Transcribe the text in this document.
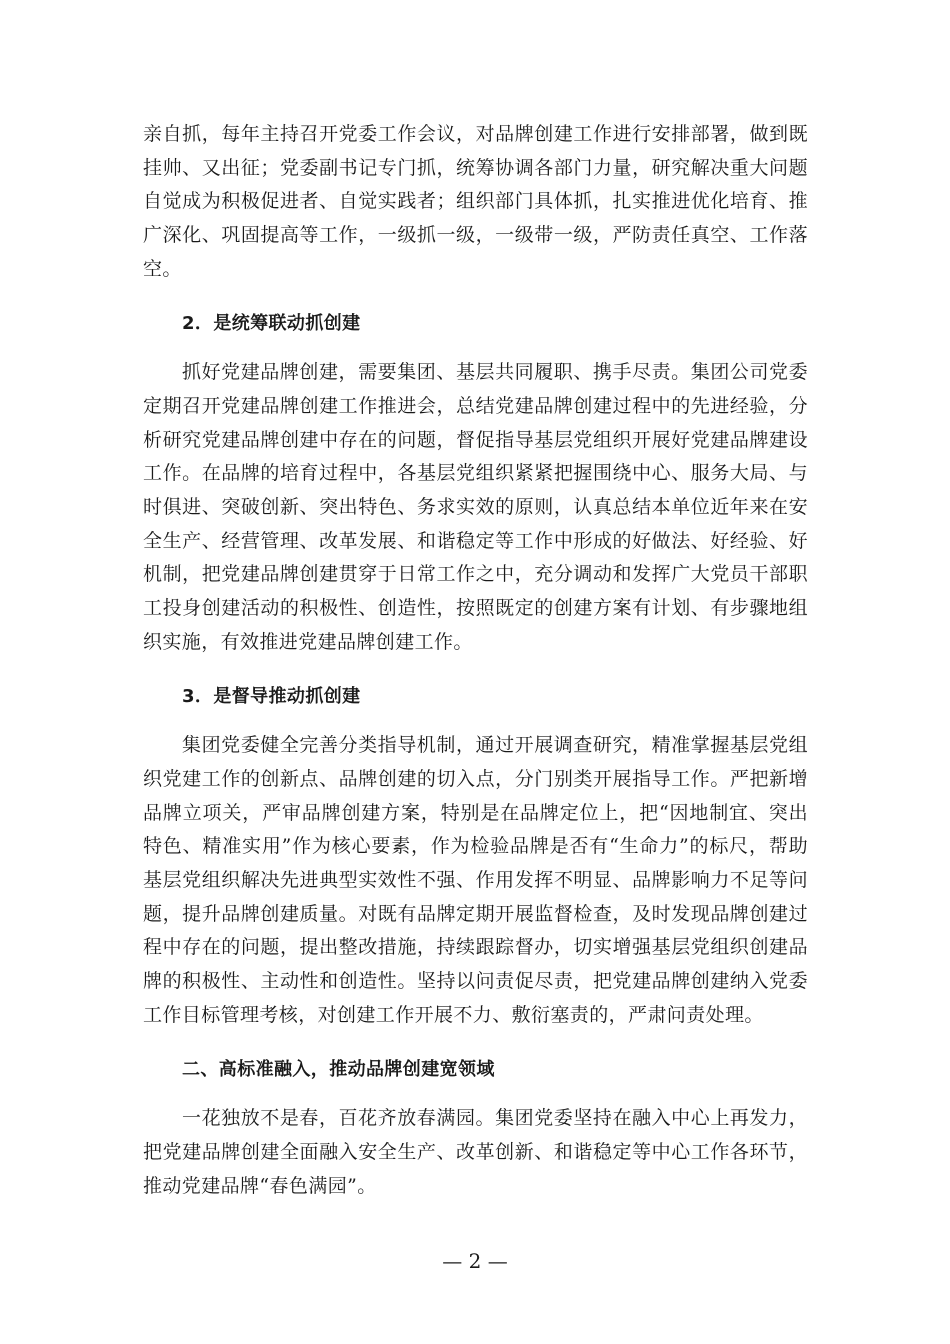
亲自抓，每年主持召开党委工作会议，对品牌创建工作进行安排部署，做到既挂帅、又出征；党委副书记专门抓，统筹协调各部门力量，研究解决重大问题自觉成为积极促进者、自觉实践者；组织部门具体抓，扎实推进优化培育、推广深化、巩固提高等工作，一级抓一级，一级带一级，严防责任真空、工作落空。

2．是统筹联动抓创建

抓好党建品牌创建，需要集团、基层共同履职、携手尽责。集团公司党委定期召开党建品牌创建工作推进会，总结党建品牌创建过程中的先进经验，分析研究党建品牌创建中存在的问题，督促指导基层党组织开展好党建品牌建设工作。在品牌的培育过程中，各基层党组织紧紧把握围绕中心、服务大局、与时俱进、突破创新、突出特色、务求实效的原则，认真总结本单位近年来在安全生产、经营管理、改革发展、和谐稳定等工作中形成的好做法、好经验、好机制，把党建品牌创建贯穿于日常工作之中，充分调动和发挥广大党员干部职工投身创建活动的积极性、创造性，按照既定的创建方案有计划、有步骤地组织实施，有效推进党建品牌创建工作。

3．是督导推动抓创建

集团党委健全完善分类指导机制，通过开展调查研究，精准掌握基层党组织党建工作的创新点、品牌创建的切入点，分门别类开展指导工作。严把新增品牌立项关，严审品牌创建方案，特别是在品牌定位上，把“因地制宜、突出特色、精准实用”作为核心要素，作为检验品牌是否有“生命力”的标尺，帮助基层党组织解决先进典型实效性不强、作用发挥不明显、品牌影响力不足等问题，提升品牌创建质量。对既有品牌定期开展监督检查，及时发现品牌创建过程中存在的问题，提出整改措施，持续跟踪督办，切实增强基层党组织创建品牌的积极性、主动性和创造性。坚持以问责促尽责，把党建品牌创建纳入党委工作目标管理考核，对创建工作开展不力、敷衍塞责的，严肃问责处理。

二、高标准融入，推动品牌创建宽领域

一花独放不是春，百花齐放春满园。集团党委坚持在融入中心上再发力，把党建品牌创建全面融入安全生产、改革创新、和谐稳定等中心工作各环节，推动党建品牌“春色满园”。

— 2 —
